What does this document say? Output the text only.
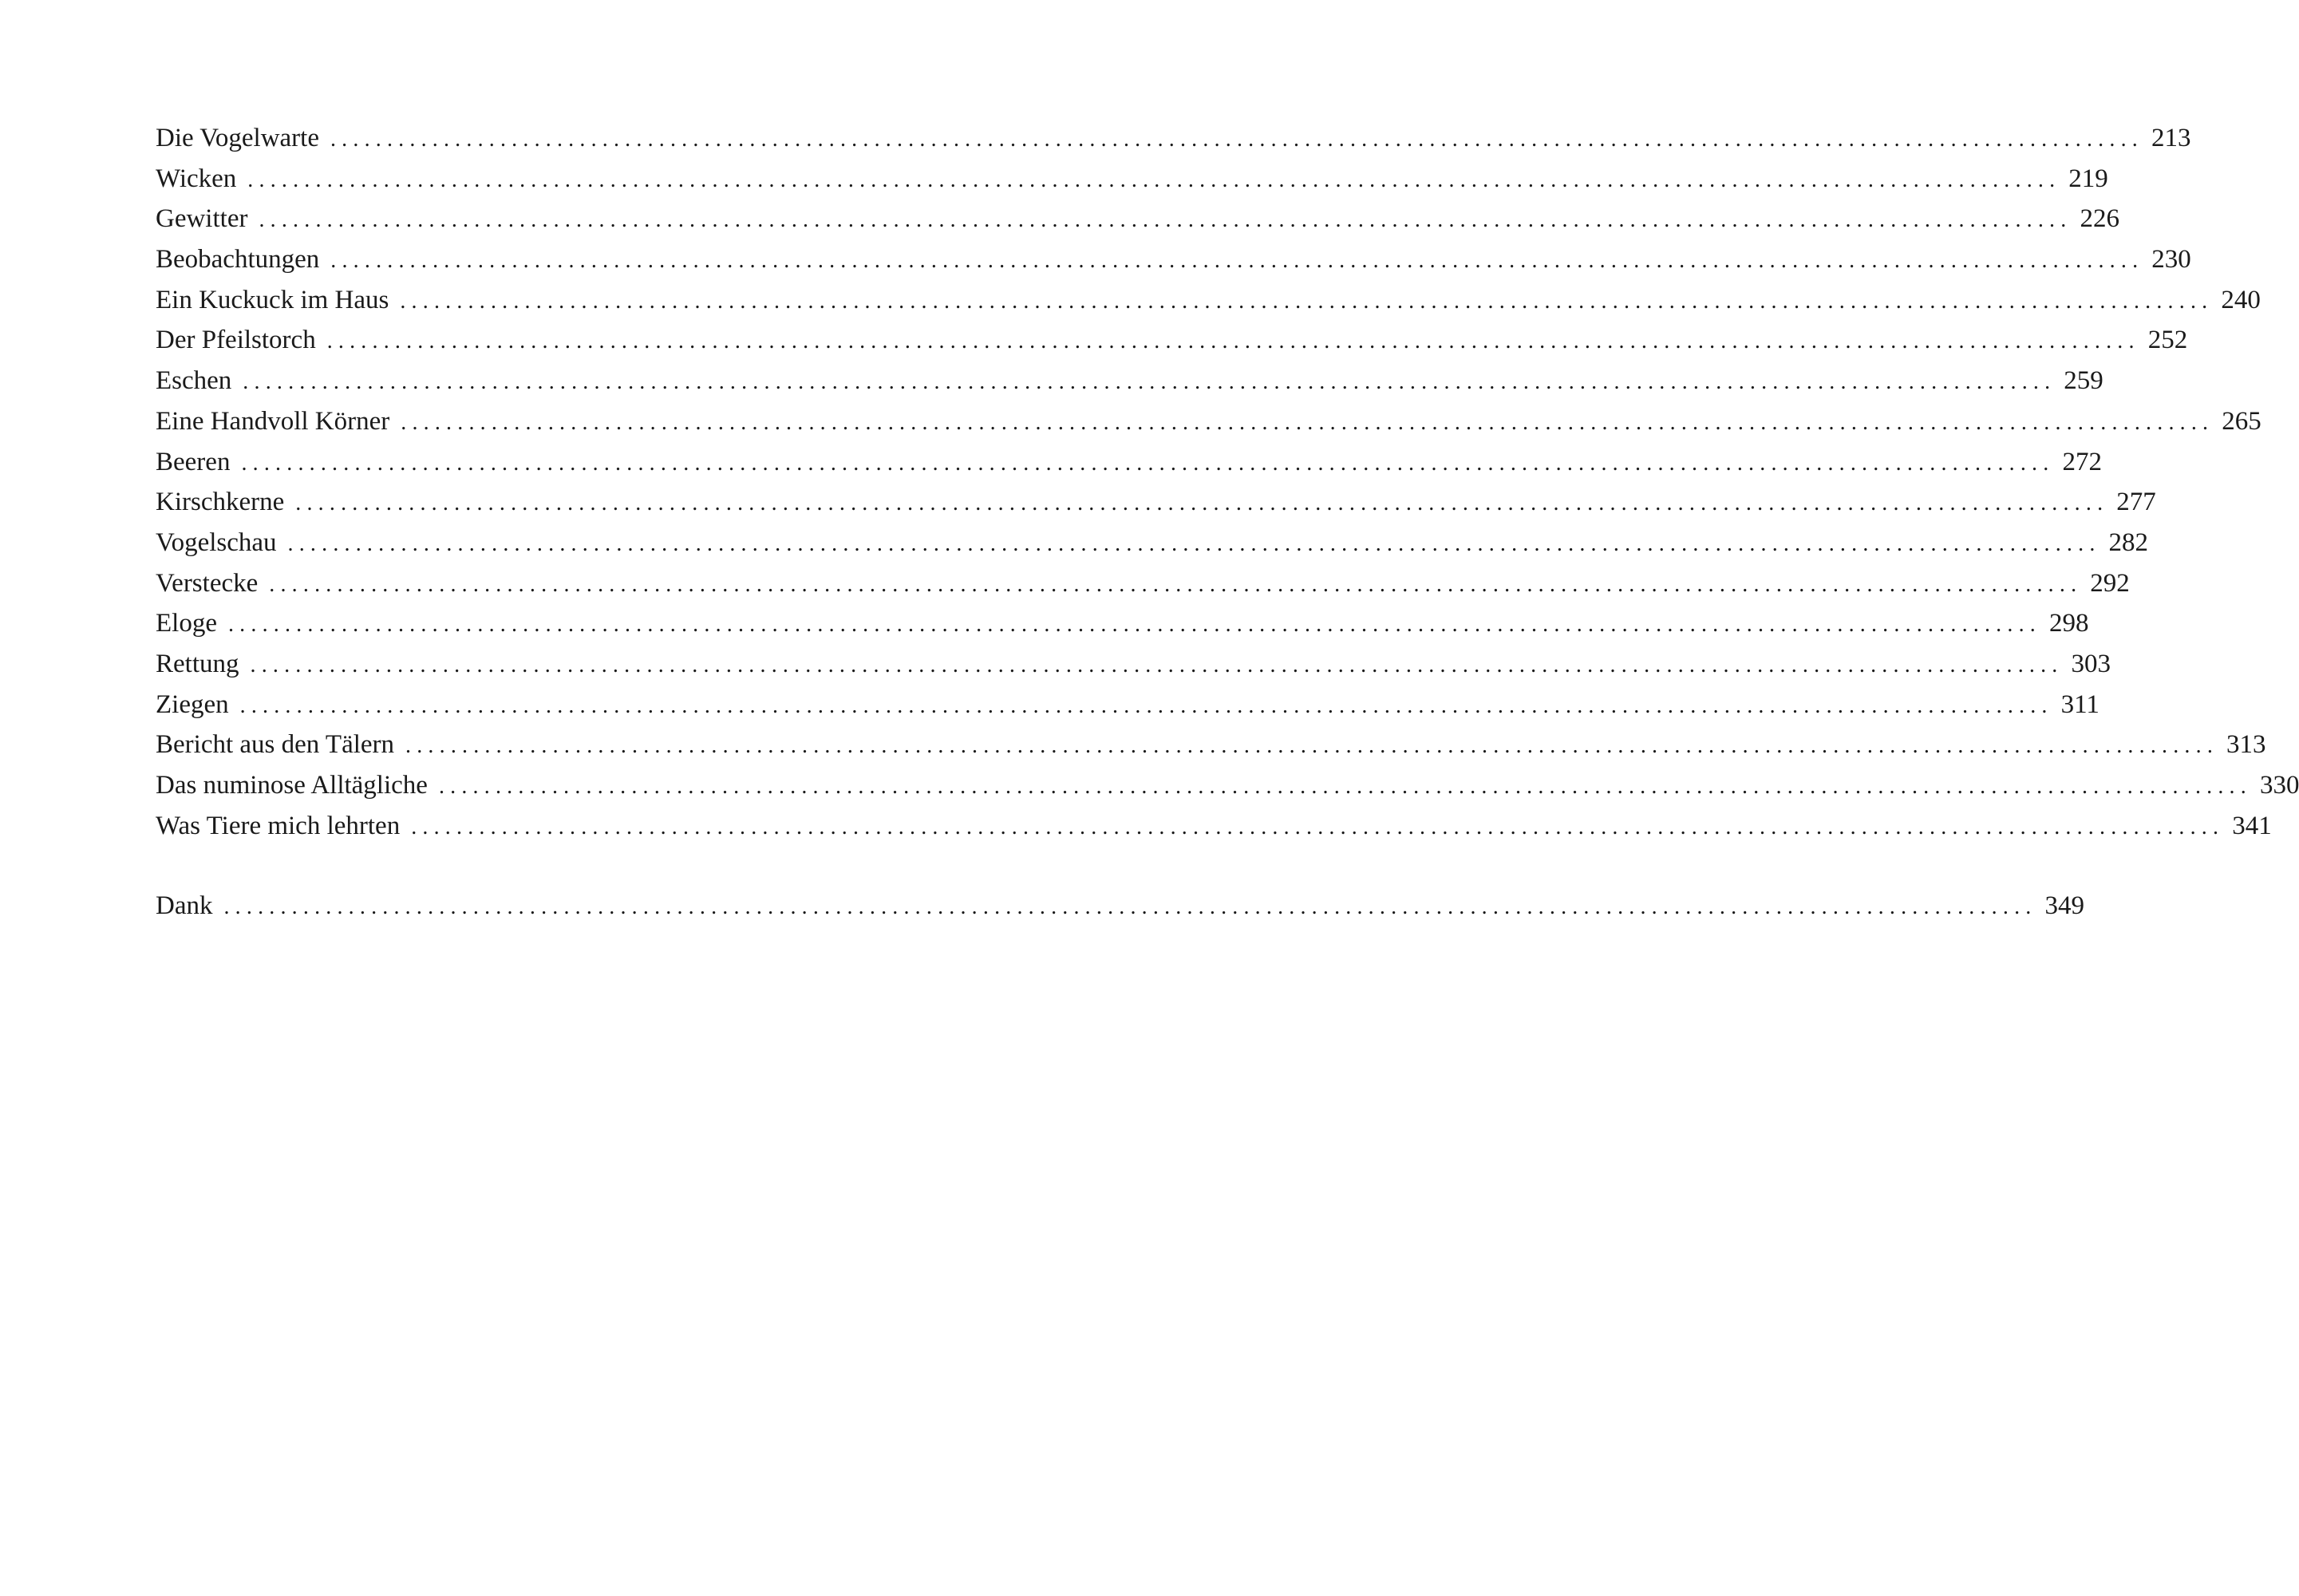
Die Vogelwarte ................................................................................................................................................................ 213
Wicken ................................................................................................................................................................ 219
Gewitter ................................................................................................................................................................ 226
Beobachtungen ................................................................................................................................................................ 230
Ein Kuckuck im Haus ................................................................................................................................................................ 240
Der Pfeilstorch ................................................................................................................................................................ 252
Eschen ................................................................................................................................................................ 259
Eine Handvoll Körner ................................................................................................................................................................ 265
Beeren ................................................................................................................................................................ 272
Kirschkerne ................................................................................................................................................................ 277
Vogelschau ................................................................................................................................................................ 282
Verstecke ................................................................................................................................................................ 292
Eloge ................................................................................................................................................................ 298
Rettung ................................................................................................................................................................ 303
Ziegen ................................................................................................................................................................ 311
Bericht aus den Tälern ................................................................................................................................................................ 313
Das numinose Alltägliche ................................................................................................................................................................ 330
Was Tiere mich lehrten ................................................................................................................................................................ 341
Dank ................................................................................................................................................................ 349
